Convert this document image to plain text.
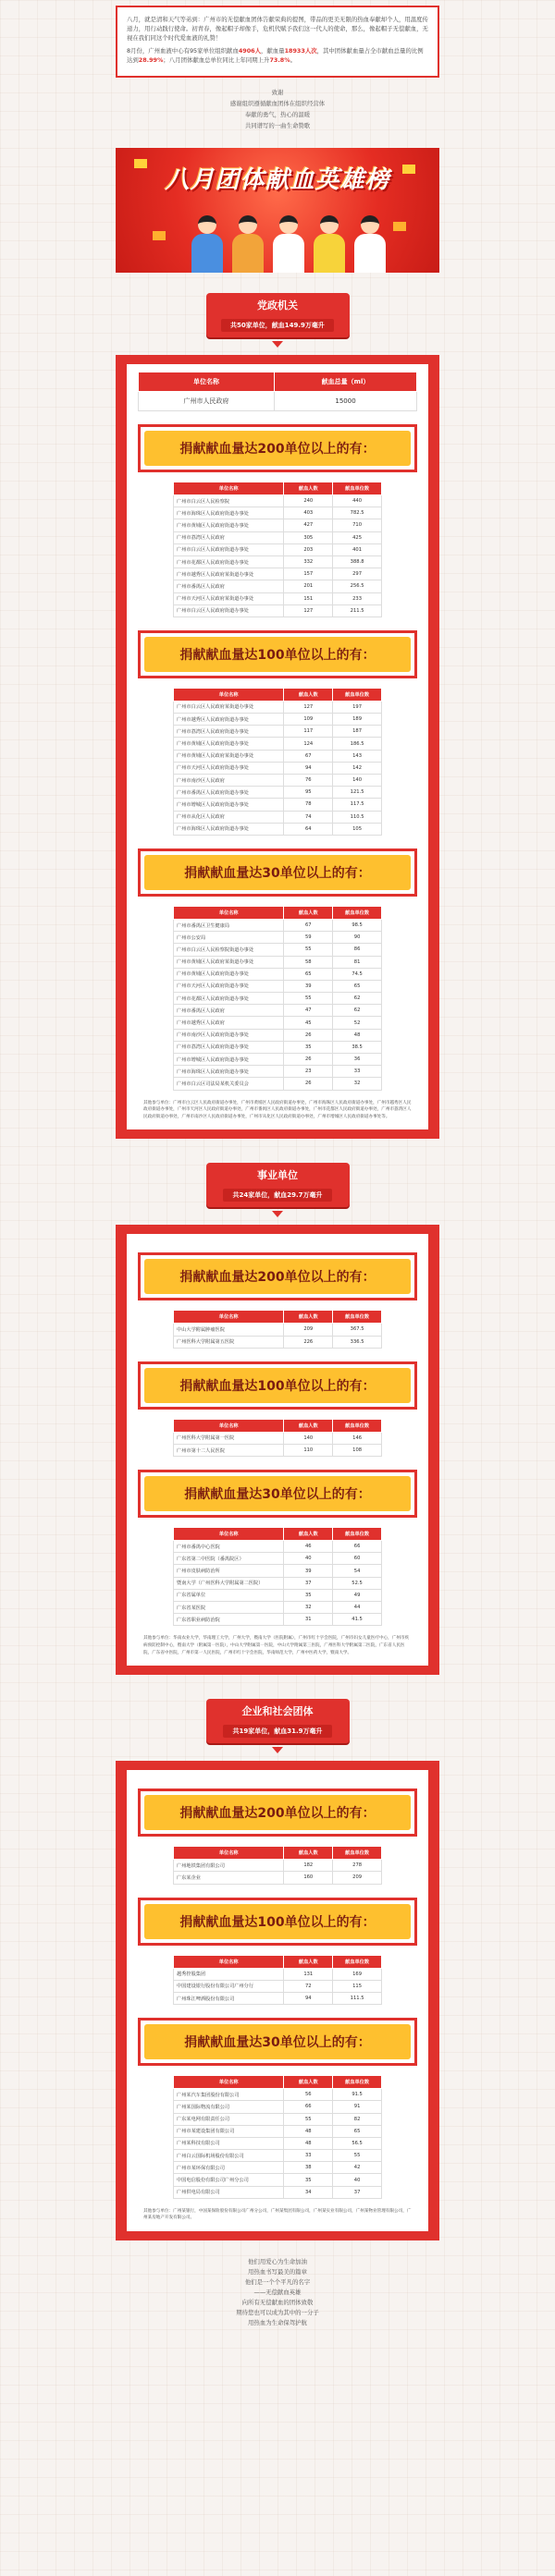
八月，就是清和天气等弟到：广州市的无偿献血团体告献荣典的提图，带品的更美无限的热血奉献却个人，用温度传递力，用行动践行使命。初青春，像起帽子却像手，危机代赋予我们这一代人的使命，那么，像起帽子无偿献血，无视在我们同这个时代爱血液的礼赞！

8月份，广州血液中心有95家单位组织献血4906人，献血量18933人次，其中团体献血量占全市献血总量的比例达到28.99%；八月团体献血总单位同比上年同期上升73.8%。

致谢
感谢组织遵循献血团体在组织经营体
奉献的勇气，热心的温暖
共同谱写的一曲生命赞歌
八月团体献血英雄榜
党政机关
共50家单位，献血149.9万毫升
单位名称	献血总量（ml）
广州市人民政府	15000
捐献献血量达200单位以上的有：
单位名称	献血人数	献血单位数
广州市白云区人民检察院	240	440
广州市海珠区人民政府街道办事处	403	782.5
广州市黄埔区人民政府街道办事处	427	710
广州市荔湾区人民政府	305	425
广州市白云区人民政府街道办事处	203	401
广州市花都区人民政府街道办事处	332	388.8
广州市越秀区人民政府某街道办事处	157	297
广州市番禺区人民政府	201	256.5
广州市天河区人民政府某街道办事处	151	233
广州市白云区人民政府街道办事处	127	211.5
捐献献血量达100单位以上的有：
单位名称	献血人数	献血单位数
广州市白云区人民政府某街道办事处	127	197
广州市越秀区人民政府街道办事处	109	189
广州市荔湾区人民政府街道办事处	117	187
广州市黄埔区人民政府街道办事处	124	186.5
广州市黄埔区人民政府某街道办事处	67	143
广州市天河区人民政府街道办事处	94	142
广州市南沙区人民政府	76	140
广州市番禺区人民政府街道办事处	95	121.5
广州市增城区人民政府街道办事处	78	117.5
广州市从化区人民政府	74	110.5
广州市海珠区人民政府街道办事处	64	105
捐献献血量达30单位以上的有：
单位名称	献血人数	献血单位数
广州市番禺区卫生健康局	67	98.5
广州市公安局	59	90
广州市白云区人民检察院街道办事处	55	86
广州市黄埔区人民政府某街道办事处	58	81
广州市黄埔区人民政府街道办事处	65	74.5
广州市天河区人民政府街道办事处	39	65
广州市花都区人民政府街道办事处	55	62
广州市番禺区人民政府	47	62
广州市越秀区人民政府	45	52
广州市南沙区人民政府街道办事处	26	48
广州市荔湾区人民政府街道办事处	35	38.5
广州市增城区人民政府街道办事处	26	36
广州市海珠区人民政府街道办事处	23	33
广州市白云区司法局某机关委员会	26	32
其他参与单位：广州市白云区人民政府街道办事处，广州市黄埔区人民政府街道办事处，广州市海珠区人民政府街道办事处，广州市越秀区人民政府街道办事处，广州市天河区人民政府街道办事处，广州市番禺区人民政府街道办事处，广州市花都区人民政府街道办事处，广州市荔湾区人民政府街道办事处，广州市南沙区人民政府街道办事处，广州市从化区人民政府街道办事处，广州市增城区人民政府街道办事处等。
事业单位
共24家单位，献血29.7万毫升
捐献献血量达200单位以上的有：
单位名称	献血人数	献血单位数
中山大学附属肿瘤医院	209	367.5
广州医科大学附属第五医院	226	336.5
捐献献血量达100单位以上的有：
单位名称	献血人数	献血单位数
广州医科大学附属第一医院	140	146
广州市第十二人民医院	110	108
捐献献血量达30单位以上的有：
单位名称	献血人数	献血单位数
广州市番禺中心医院	46	66
广东省第二中医院（番禺院区）	40	60
广州市皮肤病防治所	39	54
暨南大学（广州医科大学附属第二医院）	37	52.5
广东省属单位	35	49
广东省某医院	32	44
广东省职业病防治院	31	41.5
其他参与单位：华南农业大学，华南理工大学，广州大学，暨南大学（医院附属），广州市红十字会医院，广州市妇女儿童医疗中心，广州市疾病预防控制中心，暨南大学（附属第一医院），中山大学附属第一医院，中山大学附属第三医院，广州医科大学附属第二医院，广东省人民医院，广东省中医院，广州市第一人民医院，广州市红十字会医院，华南师范大学，广州中医药大学，暨南大学。
企业和社会团体
共19家单位，献血31.9万毫升
捐献献血量达200单位以上的有：
单位名称	献血人数	献血单位数
广州地铁集团有限公司	182	278
广东某企业	160	209
捐献献血量达100单位以上的有：
单位名称	献血人数	献血单位数
越秀控股集团	131	169
中国建设银行股份有限公司广州分行	72	115
广州珠江啤酒股份有限公司	94	111.5
捐献献血量达30单位以上的有：
单位名称	献血人数	献血单位数
广州某汽车集团股份有限公司	56	91.5
广州某国际物流有限公司	66	91
广东某电网有限责任公司	55	82
广州市某建设集团有限公司	48	65
广州某科技有限公司	48	56.5
广州白云国际机场股份有限公司	33	55
广州市某环保有限公司	38	42
中国电信股份有限公司广州分公司	35	40
广州供电局有限公司	34	37
其他参与单位：广州某银行，中国某保险股份有限公司广州分公司，广州某集团有限公司，广州某实业有限公司，广州某物业管理有限公司，广州某房地产开发有限公司。
他们用爱心为生命加油
用热血书写最美的篇章
他们是一个个平凡的名字
——无偿献血英雄
向所有无偿献血的团体致敬
期待您也可以成为其中的一分子
用热血为生命保驾护航
